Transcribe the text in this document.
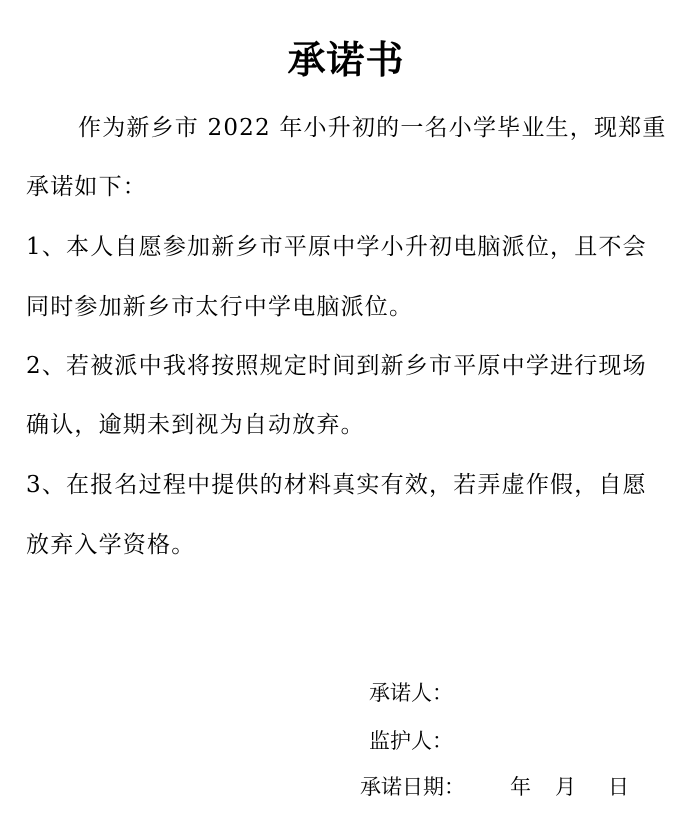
承诺书
作为新乡市 2022 年小升初的一名小学毕业生，现郑重
承诺如下：
1、本人自愿参加新乡市平原中学小升初电脑派位，且不会
同时参加新乡市太行中学电脑派位。
2、若被派中我将按照规定时间到新乡市平原中学进行现场
确认，逾期未到视为自动放弃。
3、在报名过程中提供的材料真实有效，若弄虚作假，自愿
放弃入学资格。
承诺人：
监护人：
承诺日期： 年 月 日
